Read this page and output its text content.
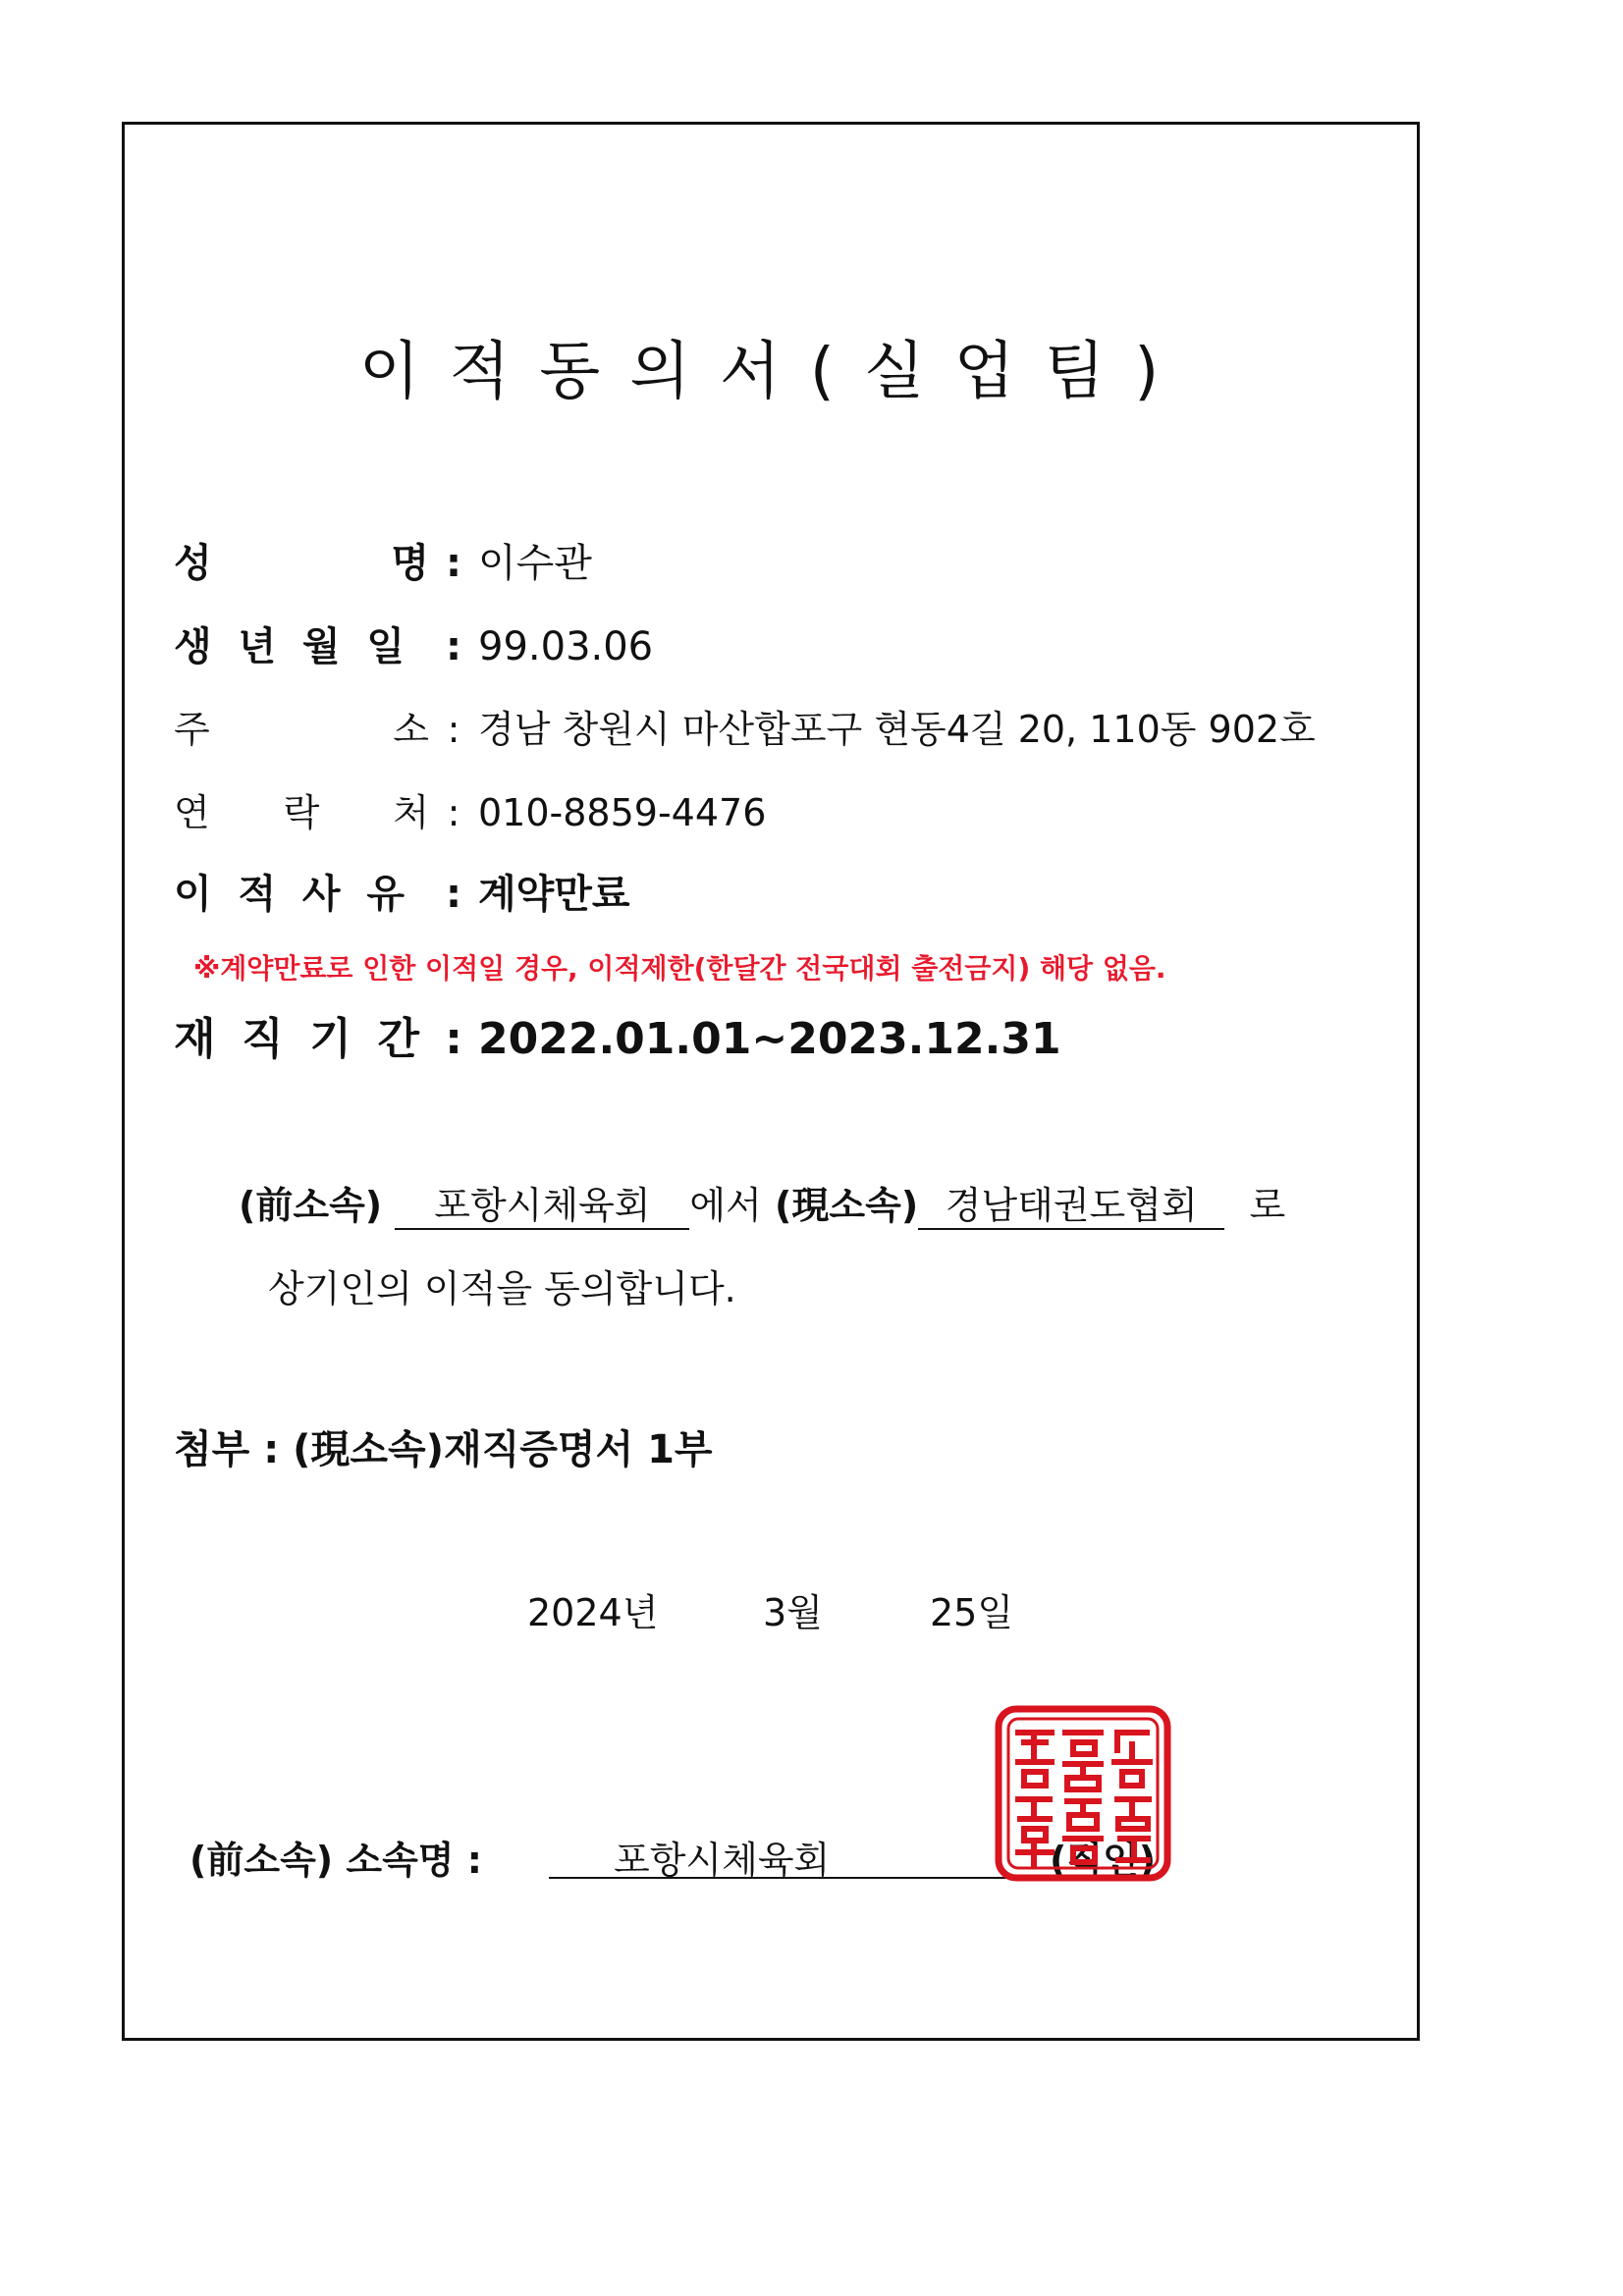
이적동의서(실업팀)
성	명 : 이수관
생 년 월 일 : 99.03.06
주	소 : 경남 창원시 마산합포구 현동4길 20, 110동 902호
연 락 처 : 010-8859-4476
이 적 사 유 : 계약만료
※계약만료로 인한 이적일 경우, 이적제한(한달간 전국대회 출전금지) 해당 없음.
재 직 기 간 : 2022.01.01~2023.12.31
(前소속) 포항시체육회 에서 (現소속) 경남태권도협회 로
상기인의 이적을 동의합니다.
첨부 : (現소속)재직증명서 1부
2024년	3월	25일
(前소속) 소속명 :	포항시체육회	(직인)
